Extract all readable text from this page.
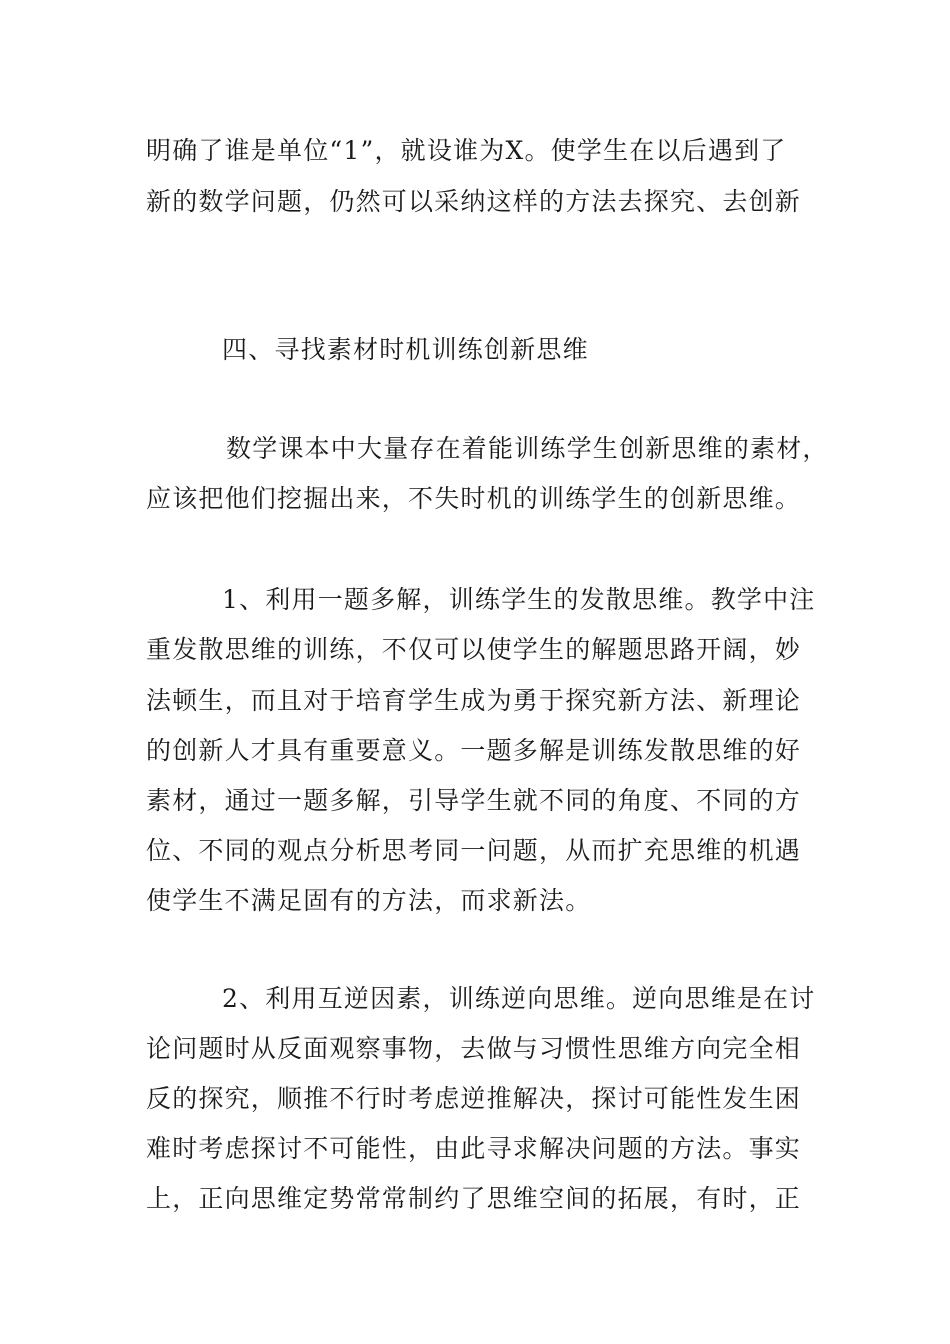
明确了谁是单位“1”，就设谁为X。使学生在以后遇到了
新的数学问题，仍然可以采纳这样的方法去探究、去创新
四、寻找素材时机训练创新思维
数学课本中大量存在着能训练学生创新思维的素材，
应该把他们挖掘出来，不失时机的训练学生的创新思维。
1、利用一题多解，训练学生的发散思维。教学中注
重发散思维的训练，不仅可以使学生的解题思路开阔，妙
法顿生，而且对于培育学生成为勇于探究新方法、新理论
的创新人才具有重要意义。一题多解是训练发散思维的好
素材，通过一题多解，引导学生就不同的角度、不同的方
位、不同的观点分析思考同一问题，从而扩充思维的机遇
使学生不满足固有的方法，而求新法。
2、利用互逆因素，训练逆向思维。逆向思维是在讨
论问题时从反面观察事物，去做与习惯性思维方向完全相
反的探究，顺推不行时考虑逆推解决，探讨可能性发生困
难时考虑探讨不可能性，由此寻求解决问题的方法。事实
上，正向思维定势常常制约了思维空间的拓展，有时，正
